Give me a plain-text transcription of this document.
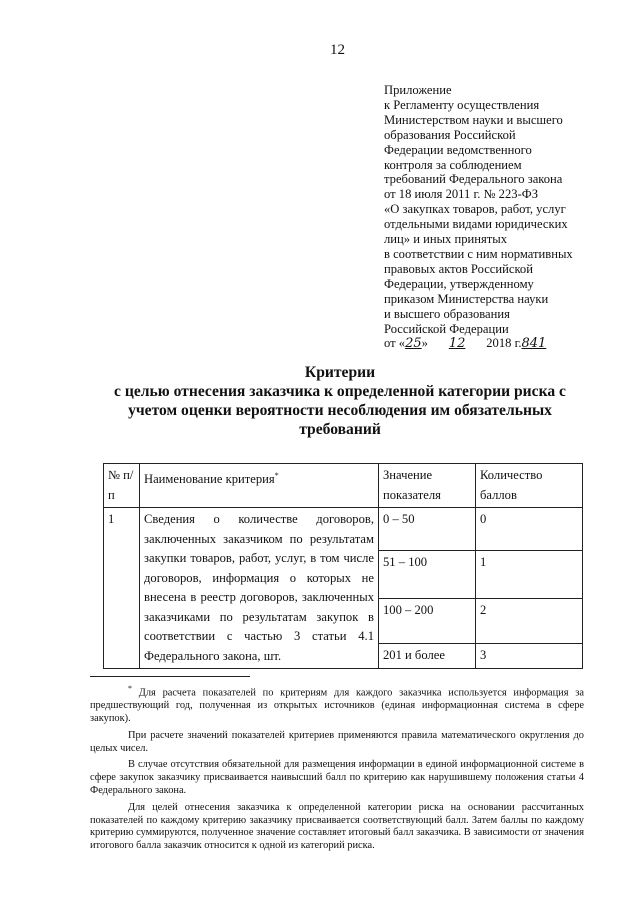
12
Приложение
к Регламенту осуществления
Министерством науки и высшего
образования Российской
Федерации ведомственного
контроля за соблюдением
требований Федерального закона
от 18 июля 2011 г. № 223-ФЗ
«О закупках товаров, работ, услуг
отдельными видами юридических
лиц» и иных принятых
в соответствии с ним нормативных
правовых актов Российской
Федерации, утвержденному
приказом Министерства науки
и высшего образования
Российской Федерации
от «25» 12 2018 г.841
Критерии
с целью отнесения заказчика к определенной категории риска с
учетом оценки вероятности несоблюдения им обязательных
требований
№ п/п	Наименование критерия*	Значение показателя	Количество баллов
1	Сведения о количестве договоров, заключенных заказчиком по результатам закупки товаров, работ, услуг, в том числе договоров, информация о которых не внесена в реестр договоров, заключенных заказчиками по результатам закупок в соответствии с частью 3 статьи 4.1 Федерального закона, шт.	0 – 50	0
		51 – 100	1
		100 – 200	2
		201 и более	3

* Для расчета показателей по критериям для каждого заказчика используется информация за предшествующий год, полученная из открытых источников (единая информационная система в сфере закупок).

При расчете значений показателей критериев применяются правила математического округления до целых чисел.

В случае отсутствия обязательной для размещения информации в единой информационной системе в сфере закупок заказчику присваивается наивысший балл по критерию как нарушившему положения статьи 4 Федерального закона.

Для целей отнесения заказчика к определенной категории риска на основании рассчитанных показателей по каждому критерию заказчику присваивается соответствующий балл. Затем баллы по каждому критерию суммируются, полученное значение составляет итоговый балл заказчика. В зависимости от значения итогового балла заказчик относится к одной из категорий риска.
